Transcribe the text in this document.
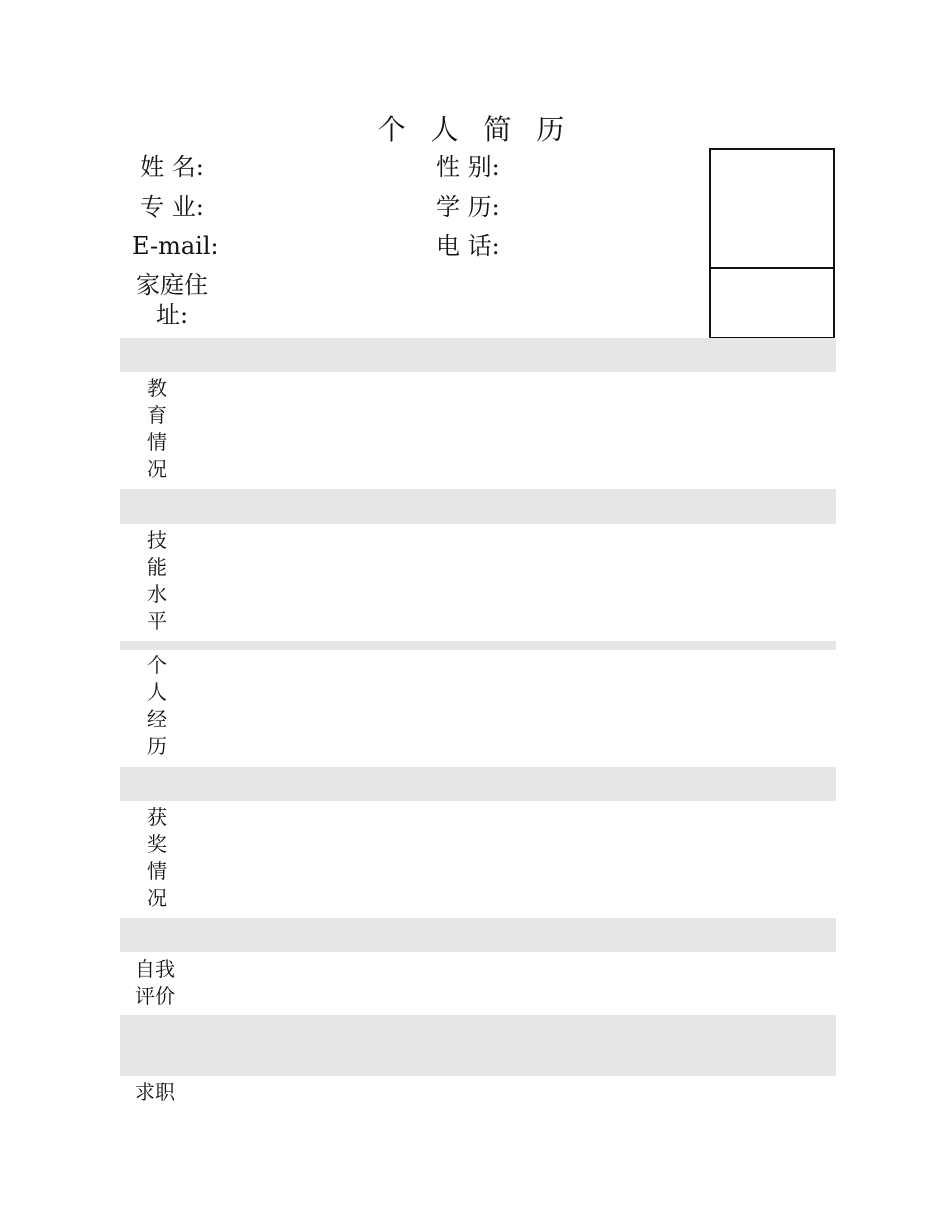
个 人 简 历
姓 名:	性 别:
专 业:	学 历:
E-mail:	电 话:
家庭住址:
教育情况
技能水平
个人经历
获奖情况
自我评价
求职
